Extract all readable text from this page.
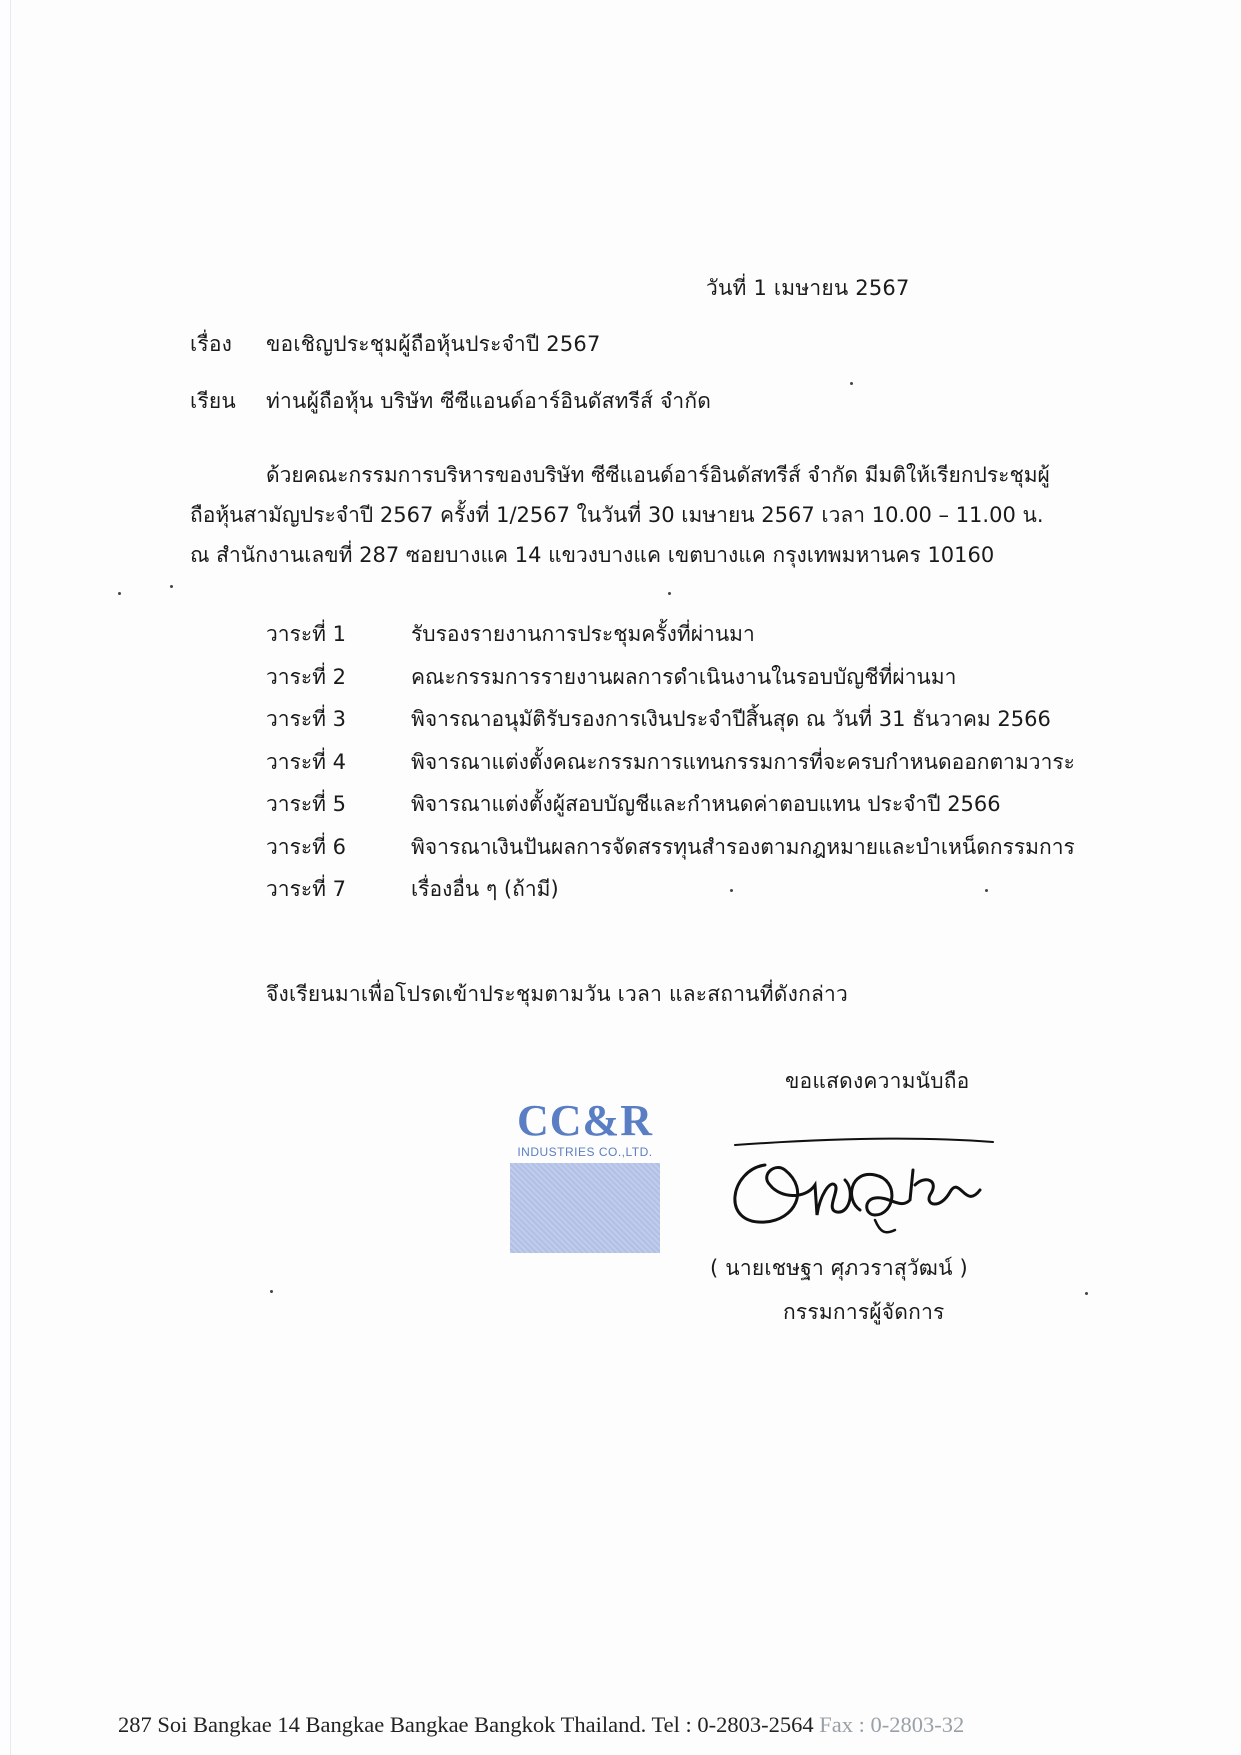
วันที่ 1 เมษายน 2567
เรื่อง ขอเชิญประชุมผู้ถือหุ้นประจำปี 2567
เรียน ท่านผู้ถือหุ้น บริษัท ซีซีแอนด์อาร์อินดัสทรีส์ จำกัด
ด้วยคณะกรรมการบริหารของบริษัท ซีซีแอนด์อาร์อินดัสทรีส์ จำกัด มีมติให้เรียกประชุมผู้
ถือหุ้นสามัญประจำปี 2567 ครั้งที่ 1/2567 ในวันที่ 30 เมษายน 2567 เวลา 10.00 – 11.00 น.
ณ สำนักงานเลขที่ 287 ซอยบางแค 14 แขวงบางแค เขตบางแค กรุงเทพมหานคร 10160
วาระที่ 1	รับรองรายงานการประชุมครั้งที่ผ่านมา
วาระที่ 2	คณะกรรมการรายงานผลการดำเนินงานในรอบบัญชีที่ผ่านมา
วาระที่ 3	พิจารณาอนุมัติรับรองการเงินประจำปีสิ้นสุด ณ วันที่ 31 ธันวาคม 2566
วาระที่ 4	พิจารณาแต่งตั้งคณะกรรมการแทนกรรมการที่จะครบกำหนดออกตามวาระ
วาระที่ 5	พิจารณาแต่งตั้งผู้สอบบัญชีและกำหนดค่าตอบแทน ประจำปี 2566
วาระที่ 6	พิจารณาเงินปันผลการจัดสรรทุนสำรองตามกฎหมายและบำเหน็ดกรรมการ
วาระที่ 7	เรื่องอื่น ๆ (ถ้ามี)
จึงเรียนมาเพื่อโปรดเข้าประชุมตามวัน เวลา และสถานที่ดังกล่าว
ขอแสดงความนับถือ
CC&R
INDUSTRIES CO.,LTD.
( นายเชษฐา ศุภวราสุวัฒน์ )
กรรมการผู้จัดการ
287 Soi Bangkae 14 Bangkae Bangkae Bangkok Thailand. Tel : 0-2803-2564 Fax : 0-2803-32
